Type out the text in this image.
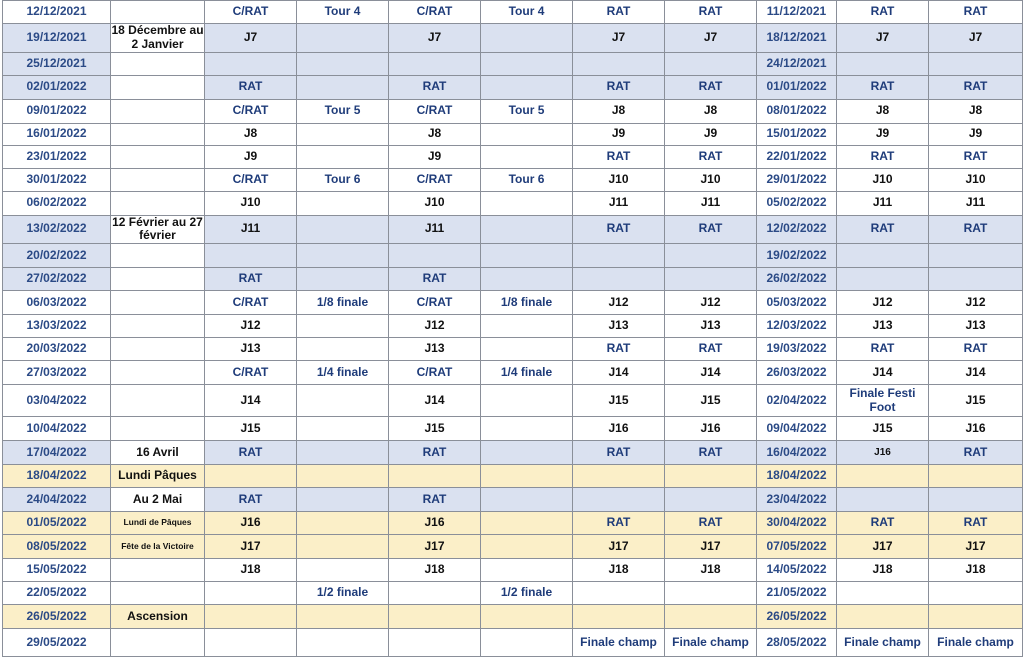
12/12/2021		C/RAT	Tour 4	C/RAT	Tour 4	RAT	RAT	11/12/2021	RAT	RAT
19/12/2021	18 Décembre au 2 Janvier	J7		J7		J7	J7	18/12/2021	J7	J7
25/12/2021								24/12/2021		
02/01/2022		RAT		RAT		RAT	RAT	01/01/2022	RAT	RAT
09/01/2022		C/RAT	Tour 5	C/RAT	Tour 5	J8	J8	08/01/2022	J8	J8
16/01/2022		J8		J8		J9	J9	15/01/2022	J9	J9
23/01/2022		J9		J9		RAT	RAT	22/01/2022	RAT	RAT
30/01/2022		C/RAT	Tour 6	C/RAT	Tour 6	J10	J10	29/01/2022	J10	J10
06/02/2022		J10		J10		J11	J11	05/02/2022	J11	J11
13/02/2022	12 Février au 27 février	J11		J11		RAT	RAT	12/02/2022	RAT	RAT
20/02/2022								19/02/2022		
27/02/2022		RAT		RAT				26/02/2022		
06/03/2022		C/RAT	1/8 finale	C/RAT	1/8 finale	J12	J12	05/03/2022	J12	J12
13/03/2022		J12		J12		J13	J13	12/03/2022	J13	J13
20/03/2022		J13		J13		RAT	RAT	19/03/2022	RAT	RAT
27/03/2022		C/RAT	1/4 finale	C/RAT	1/4 finale	J14	J14	26/03/2022	J14	J14
03/04/2022		J14		J14		J15	J15	02/04/2022	Finale Festi Foot	J15
10/04/2022		J15		J15		J16	J16	09/04/2022	J15	J16
17/04/2022	16 Avril	RAT		RAT		RAT	RAT	16/04/2022	J16	RAT
18/04/2022	Lundi Pâques							18/04/2022		
24/04/2022	Au 2 Mai	RAT		RAT				23/04/2022		
01/05/2022	Lundi de Pâques	J16		J16		RAT	RAT	30/04/2022	RAT	RAT
08/05/2022	Fête de la Victoire	J17		J17		J17	J17	07/05/2022	J17	J17
15/05/2022		J18		J18		J18	J18	14/05/2022	J18	J18
22/05/2022			1/2 finale		1/2 finale			21/05/2022		
26/05/2022	Ascension							26/05/2022		
29/05/2022						Finale champ	Finale champ	28/05/2022	Finale champ	Finale champ
